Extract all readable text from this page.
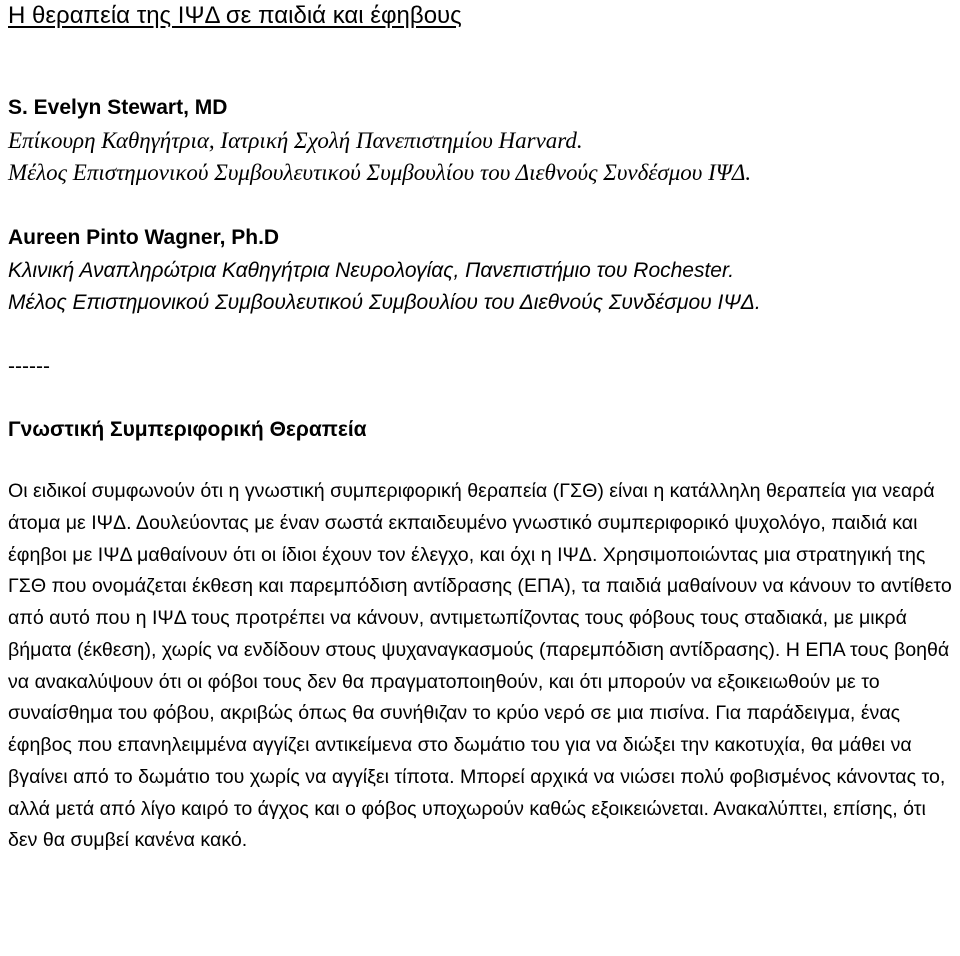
Η θεραπεία της ΙΨΔ σε παιδιά και έφηβους
S. Evelyn Stewart, MD
Επίκουρη Καθηγήτρια, Ιατρική Σχολή Πανεπιστημίου Harvard.
Μέλος Επιστημονικού Συμβουλευτικού Συμβουλίου του Διεθνούς Συνδέσμου ΙΨΔ.
Aureen Pinto Wagner, Ph.D
Κλινική Αναπληρώτρια Καθηγήτρια Νευρολογίας, Πανεπιστήμιο του Rochester.
Μέλος Επιστημονικού Συμβουλευτικού Συμβουλίου του Διεθνούς Συνδέσμου ΙΨΔ.
------
Γνωστική Συμπεριφορική Θεραπεία
Οι ειδικοί συμφωνούν ότι η γνωστική συμπεριφορική θεραπεία (ΓΣΘ) είναι η κατάλληλη θεραπεία για νεαρά άτομα με ΙΨΔ. Δουλεύοντας με έναν σωστά εκπαιδευμένο γνωστικό συμπεριφορικό ψυχολόγο, παιδιά και έφηβοι με ΙΨΔ μαθαίνουν ότι οι ίδιοι έχουν τον έλεγχο, και όχι η ΙΨΔ. Χρησιμοποιώντας μια στρατηγική της ΓΣΘ που ονομάζεται έκθεση και παρεμπόδιση αντίδρασης (ΕΠΑ), τα παιδιά μαθαίνουν να κάνουν το αντίθετο από αυτό που η ΙΨΔ τους προτρέπει να κάνουν, αντιμετωπίζοντας τους φόβους τους σταδιακά, με μικρά βήματα (έκθεση), χωρίς να ενδίδουν στους ψυχαναγκασμούς (παρεμπόδιση αντίδρασης). Η ΕΠΑ τους βοηθά να ανακαλύψουν ότι οι φόβοι τους δεν θα πραγματοποιηθούν, και ότι μπορούν να εξοικειωθούν με το συναίσθημα του φόβου, ακριβώς όπως θα συνήθιζαν το κρύο νερό σε μια πισίνα. Για παράδειγμα, ένας έφηβος που επανηλειμμένα αγγίζει αντικείμενα στο δωμάτιο του για να διώξει την κακοτυχία, θα μάθει να βγαίνει από το δωμάτιο του χωρίς να αγγίξει τίποτα. Μπορεί αρχικά να νιώσει πολύ φοβισμένος κάνοντας το, αλλά μετά από λίγο καιρό το άγχος και ο φόβος υποχωρούν καθώς εξοικειώνεται. Ανακαλύπτει, επίσης, ότι δεν θα συμβεί κανένα κακό.
